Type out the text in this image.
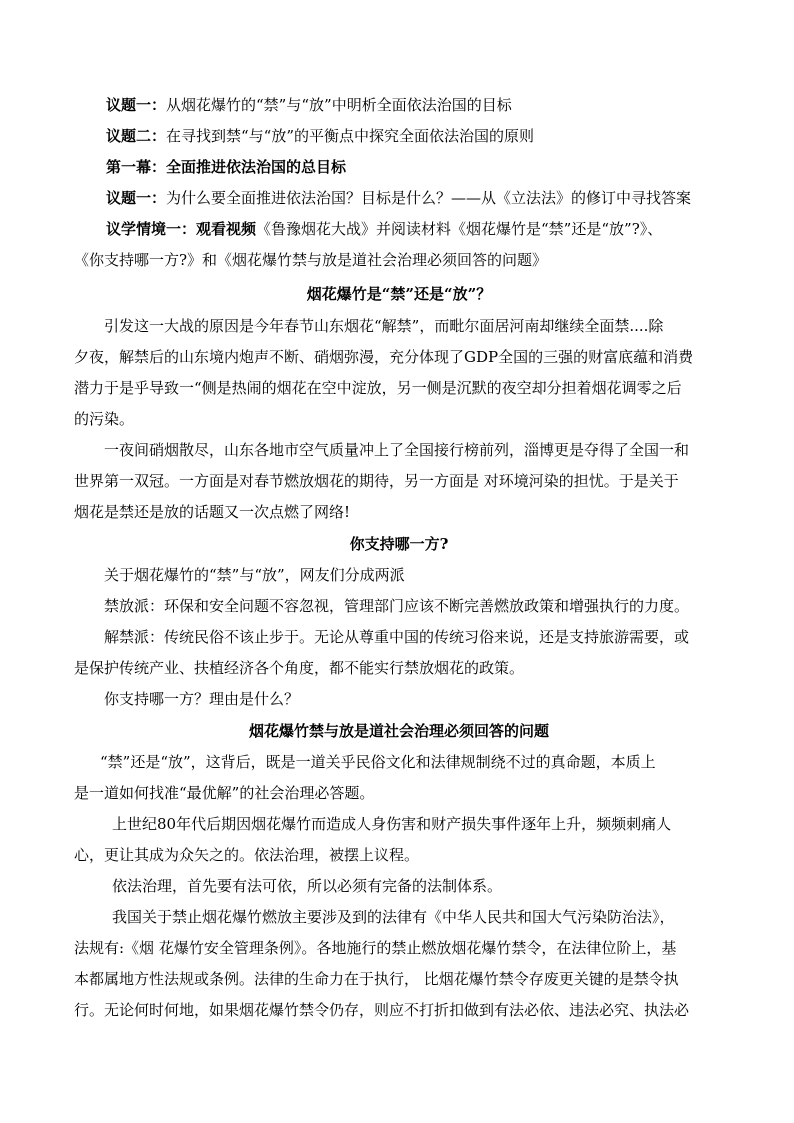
议题一：从烟花爆竹的“禁”与“放”中明析全面依法治国的目标
议题二：在寻找到禁“与“放”的平衡点中探究全面依法治国的原则
第一幕：全面推进依法治国的总目标
议题一：为什么要全面推进依法治国？目标是什么？——从《立法法》的修订中寻找答案
议学情境一：观看视频《鲁豫烟花大战》并阅读材料《烟花爆竹是“禁”还是“放”?》、
《你支持哪一方?》和《烟花爆竹禁与放是道社会治理必须回答的问题》
烟花爆竹是“禁”还是“放”？
引发这一大战的原因是今年春节山东烟花“解禁”，而毗尔面居河南却继续全面禁....除
夕夜，解禁后的山东境内炮声不断、硝烟弥漫，充分体现了GDP全国的三强的财富底蕴和消费
潜力于是乎导致一“侧是热闹的烟花在空中淀放，另一侧是沉默的夜空却分担着烟花调零之后
的污染。
一夜间硝烟散尽，山东各地市空气质量冲上了全国接行榜前列，淄博更是夺得了全国一和
世界第一双冠。一方面是对春节燃放烟花的期待，另一方面是 对环境河染的担忧。于是关于
烟花是禁还是放的话题又一次点燃了网络!
你支持哪一方?
关于烟花爆竹的“禁”与“放”，网友们分成两派
禁放派：环保和安全问题不容忽视，管理部门应该不断完善燃放政策和增强执行的力度。
解禁派：传统民俗不该止步于。无论从尊重中国的传统习俗来说，还是支持旅游需要，或
是保护传统产业、扶植经济各个角度，都不能实行禁放烟花的政策。
你支持哪一方？理由是什么？
烟花爆竹禁与放是道社会治理必须回答的问题
“禁”还是“放”，这背后，既是一道关乎民俗文化和法律规制绕不过的真命题，本质上
是一道如何找准“最优解”的社会治理必答题。
上世纪80年代后期因烟花爆竹而造成人身伤害和财产损失事件逐年上升，频频刺痛人
心，更让其成为众矢之的。依法治理，被摆上议程。
依法治理，首先要有法可依，所以必须有完备的法制体系。
我国关于禁止烟花爆竹燃放主要涉及到的法律有《中华人民共和国大气污染防治法》，
法规有:《烟 花爆竹安全管理条例》。各地施行的禁止燃放烟花爆竹禁令，在法律位阶上，基
本都属地方性法规或条例。法律的生命力在于执行， 比烟花爆竹禁令存废更关键的是禁令执
行。无论何时何地，如果烟花爆竹禁令仍存，则应不打折扣做到有法必依、违法必究、执法必
